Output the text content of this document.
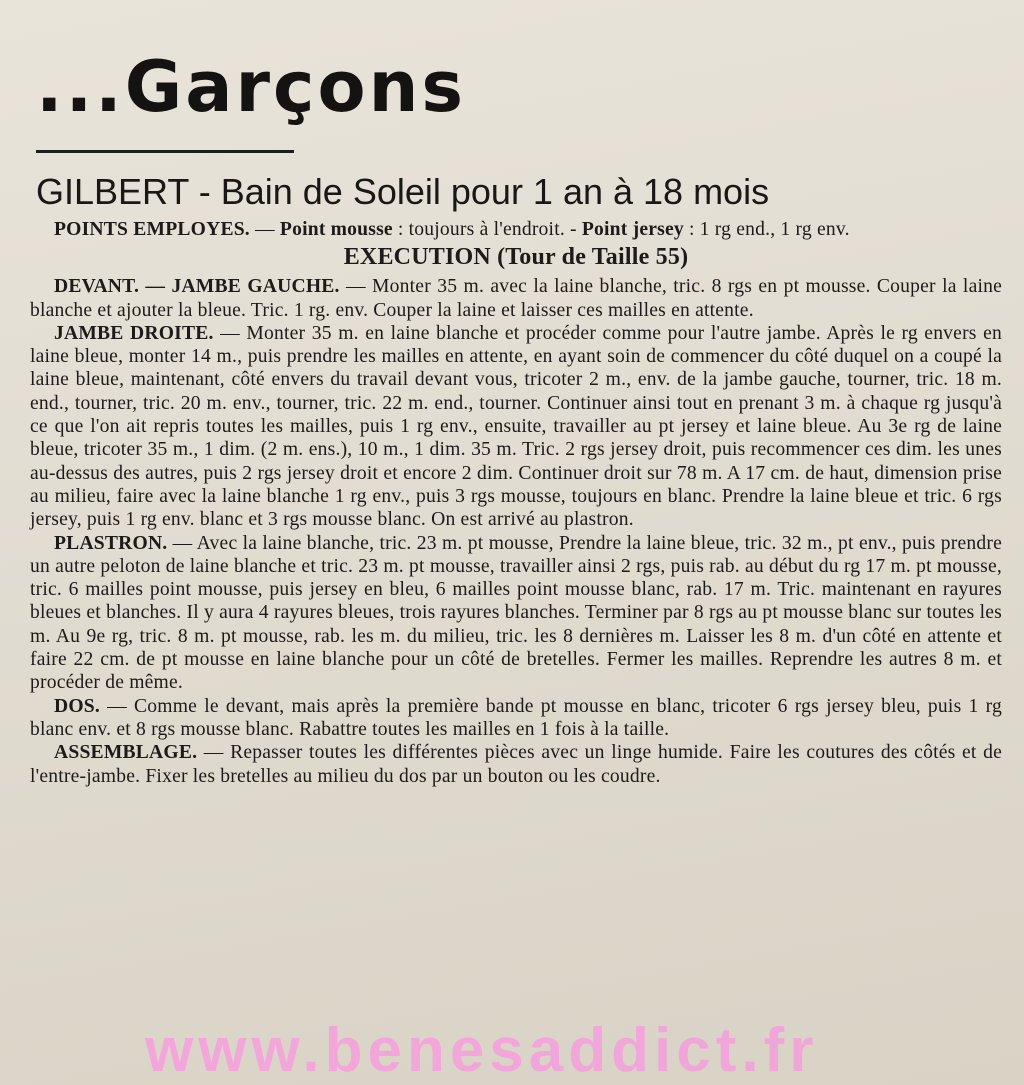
...Garçons
GILBERT - Bain de Soleil pour 1 an à 18 mois

POINTS EMPLOYES. — Point mousse : toujours à l'endroit. - Point jersey : 1 rg end., 1 rg env.

EXECUTION (Tour de Taille 55)

DEVANT. — JAMBE GAUCHE. — Monter 35 m. avec la laine blanche, tric. 8 rgs en pt mousse. Couper la laine blanche et ajouter la bleue. Tric. 1 rg. env. Couper la laine et laisser ces mailles en attente.

JAMBE DROITE. — Monter 35 m. en laine blanche et procéder comme pour l'autre jambe. Après le rg envers en laine bleue, monter 14 m., puis prendre les mailles en attente, en ayant soin de commencer du côté duquel on a coupé la laine bleue, maintenant, côté envers du travail devant vous, tricoter 2 m., env. de la jambe gauche, tourner, tric. 18 m. end., tourner, tric. 20 m. env., tourner, tric. 22 m. end., tourner. Continuer ainsi tout en prenant 3 m. à chaque rg jusqu'à ce que l'on ait repris toutes les mailles, puis 1 rg env., ensuite, travailler au pt jersey et laine bleue. Au 3e rg de laine bleue, tricoter 35 m., 1 dim. (2 m. ens.), 10 m., 1 dim. 35 m. Tric. 2 rgs jersey droit, puis recommencer ces dim. les unes au-dessus des autres, puis 2 rgs jersey droit et encore 2 dim. Continuer droit sur 78 m. A 17 cm. de haut, dimension prise au milieu, faire avec la laine blanche 1 rg env., puis 3 rgs mousse, toujours en blanc. Prendre la laine bleue et tric. 6 rgs jersey, puis 1 rg env. blanc et 3 rgs mousse blanc. On est arrivé au plastron.

PLASTRON. — Avec la laine blanche, tric. 23 m. pt mousse, Prendre la laine bleue, tric. 32 m., pt env., puis prendre un autre peloton de laine blanche et tric. 23 m. pt mousse, travailler ainsi 2 rgs, puis rab. au début du rg 17 m. pt mousse, tric. 6 mailles point mousse, puis jersey en bleu, 6 mailles point mousse blanc, rab. 17 m. Tric. maintenant en rayures bleues et blanches. Il y aura 4 rayures bleues, trois rayures blanches. Terminer par 8 rgs au pt mousse blanc sur toutes les m. Au 9e rg, tric. 8 m. pt mousse, rab. les m. du milieu, tric. les 8 dernières m. Laisser les 8 m. d'un côté en attente et faire 22 cm. de pt mousse en laine blanche pour un côté de bretelles. Fermer les mailles. Reprendre les autres 8 m. et procéder de même.

DOS. — Comme le devant, mais après la première bande pt mousse en blanc, tricoter 6 rgs jersey bleu, puis 1 rg blanc env. et 8 rgs mousse blanc. Rabattre toutes les mailles en 1 fois à la taille.

ASSEMBLAGE. — Repasser toutes les différentes pièces avec un linge humide. Faire les coutures des côtés et de l'entre-jambe. Fixer les bretelles au milieu du dos par un bouton ou les coudre.

www.benesaddict.fr
